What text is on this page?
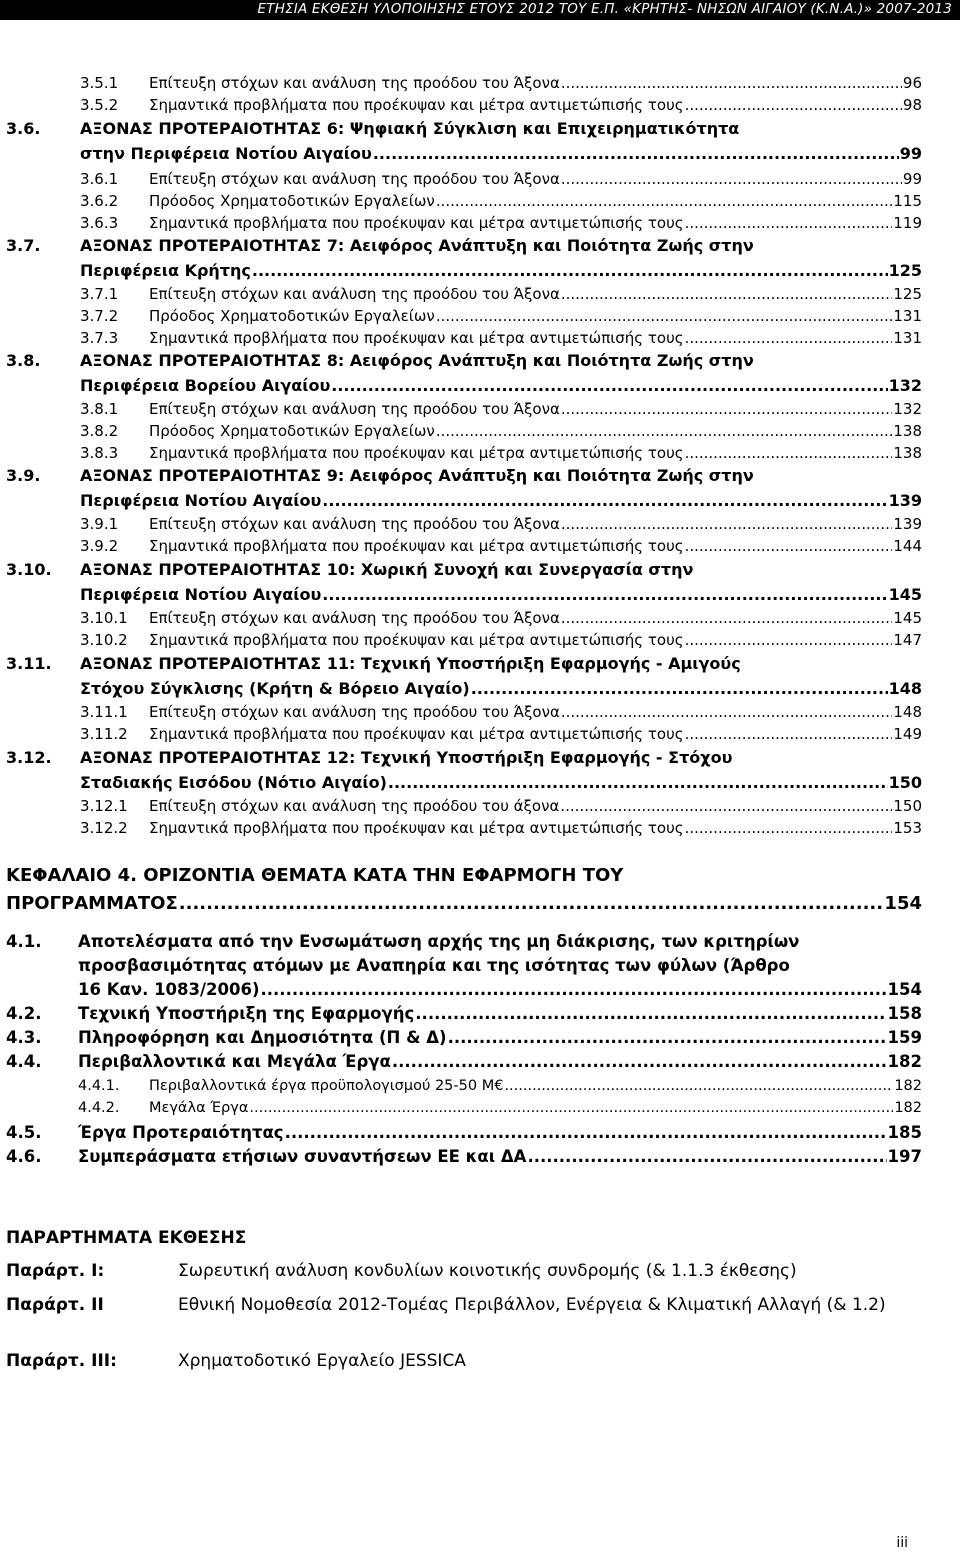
ΕΤΗΣΙΑ ΕΚΘΕΣΗ ΥΛΟΠΟΙΗΣΗΣ ΕΤΟΥΣ 2012 ΤΟΥ Ε.Π. «ΚΡΗΤΗΣ- ΝΗΣΩΝ ΑΙΓΑΙΟΥ (Κ.Ν.Α.)» 2007-2013
3.5.1 Επίτευξη στόχων και ανάλυση της προόδου του Άξονα .....	96
3.5.2 Σημαντικά προβλήματα που προέκυψαν και μέτρα αντιμετώπισής τους .....	98
3.6. ΑΞΟΝΑΣ ΠΡΟΤΕΡΑΙΟΤΗΤΑΣ 6: Ψηφιακή Σύγκλιση και Επιχειρηματικότητα
στην Περιφέρεια Νοτίου Αιγαίου .....	99
3.6.1 Επίτευξη στόχων και ανάλυση της προόδου του Άξονα .....	99
3.6.2 Πρόοδος Χρηματοδοτικών Εργαλείων .....	115
3.6.3 Σημαντικά προβλήματα που προέκυψαν και μέτρα αντιμετώπισής τους .....	119
3.7. ΑΞΟΝΑΣ ΠΡΟΤΕΡΑΙΟΤΗΤΑΣ 7: Αειφόρος Ανάπτυξη και Ποιότητα Ζωής στην
Περιφέρεια Κρήτης .....	125
3.7.1 Επίτευξη στόχων και ανάλυση της προόδου του Άξονα .....	125
3.7.2 Πρόοδος Χρηματοδοτικών Εργαλείων .....	131
3.7.3 Σημαντικά προβλήματα που προέκυψαν και μέτρα αντιμετώπισής τους .....	131
3.8. ΑΞΟΝΑΣ ΠΡΟΤΕΡΑΙΟΤΗΤΑΣ 8: Αειφόρος Ανάπτυξη και Ποιότητα Ζωής στην
Περιφέρεια Βορείου Αιγαίου .....	132
3.8.1 Επίτευξη στόχων και ανάλυση της προόδου του Άξονα .....	132
3.8.2 Πρόοδος Χρηματοδοτικών Εργαλείων .....	138
3.8.3 Σημαντικά προβλήματα που προέκυψαν και μέτρα αντιμετώπισής τους .....	138
3.9. ΑΞΟΝΑΣ ΠΡΟΤΕΡΑΙΟΤΗΤΑΣ 9: Αειφόρος Ανάπτυξη και Ποιότητα Ζωής στην
Περιφέρεια Νοτίου Αιγαίου .....	139
3.9.1 Επίτευξη στόχων και ανάλυση της προόδου του Άξονα .....	139
3.9.2 Σημαντικά προβλήματα που προέκυψαν και μέτρα αντιμετώπισής τους .....	144
3.10. ΑΞΟΝΑΣ ΠΡΟΤΕΡΑΙΟΤΗΤΑΣ 10: Χωρική Συνοχή και Συνεργασία στην
Περιφέρεια Νοτίου Αιγαίου .....	145
3.10.1 Επίτευξη στόχων και ανάλυση της προόδου του Άξονα .....	145
3.10.2 Σημαντικά προβλήματα που προέκυψαν και μέτρα αντιμετώπισής τους .....	147
3.11. ΑΞΟΝΑΣ ΠΡΟΤΕΡΑΙΟΤΗΤΑΣ 11: Τεχνική Υποστήριξη Εφαρμογής - Αμιγούς
Στόχου Σύγκλισης (Κρήτη & Βόρειο Αιγαίο) .....	148
3.11.1 Επίτευξη στόχων και ανάλυση της προόδου του Άξονα .....	148
3.11.2 Σημαντικά προβλήματα που προέκυψαν και μέτρα αντιμετώπισής τους .....	149
3.12. ΑΞΟΝΑΣ ΠΡΟΤΕΡΑΙΟΤΗΤΑΣ 12: Τεχνική Υποστήριξη Εφαρμογής - Στόχου
Σταδιακής Εισόδου (Νότιο Αιγαίο) .....	150
3.12.1 Επίτευξη στόχων και ανάλυση της προόδου του άξονα .....	150
3.12.2 Σημαντικά προβλήματα που προέκυψαν και μέτρα αντιμετώπισής τους .....	153
ΚΕΦΑΛΑΙΟ 4. ΟΡΙΖΟΝΤΙΑ ΘΕΜΑΤΑ ΚΑΤΑ ΤΗΝ ΕΦΑΡΜΟΓΗ ΤΟΥ
ΠΡΟΓΡΑΜΜΑΤΟΣ .....	154
4.1. Αποτελέσματα από την Ενσωμάτωση αρχής της μη διάκρισης, των κριτηρίων
προσβασιμότητας ατόμων με Αναπηρία και της ισότητας των φύλων (Άρθρο
16 Καν. 1083/2006) .....	154
4.2. Τεχνική Υποστήριξη της Εφαρμογής .....	158
4.3. Πληροφόρηση και Δημοσιότητα (Π & Δ) .....	159
4.4. Περιβαλλοντικά και Μεγάλα Έργα .....	182
4.4.1. Περιβαλλοντικά έργα προϋπολογισμού 25-50 Μ€ .....	182
4.4.2. Μεγάλα Έργα .....	182
4.5. Έργα Προτεραιότητας .....	185
4.6. Συμπεράσματα ετήσιων συναντήσεων ΕΕ και ΔΑ .....	197
ΠΑΡΑΡΤΗΜΑΤΑ ΕΚΘΕΣΗΣ
Παράρτ. Ι:	Σωρευτική ανάλυση κονδυλίων κοινοτικής συνδρομής (& 1.1.3 έκθεσης)
Παράρτ. ΙΙ	Εθνική Νομοθεσία 2012-Τομέας Περιβάλλον, Ενέργεια & Κλιματική Αλλαγή (& 1.2)
Παράρτ. ΙΙΙ:	Χρηματοδοτικό Εργαλείο JESSICA
iii
